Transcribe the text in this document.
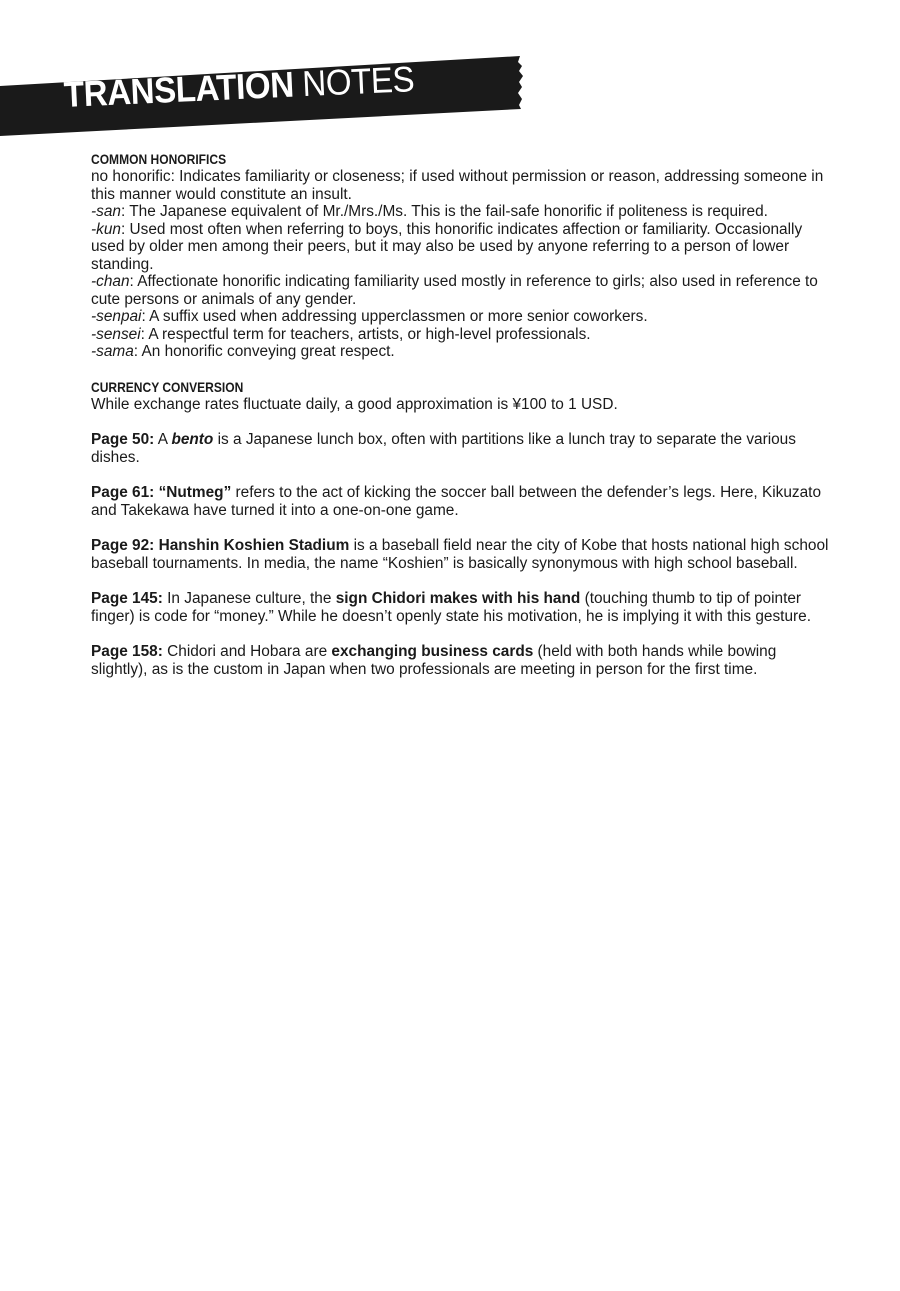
TRANSLATION NOTES
COMMON HONORIFICS

no honorific: Indicates familiarity or closeness; if used without permission or reason, addressing someone in this manner would constitute an insult.

-san: The Japanese equivalent of Mr./Mrs./Ms. This is the fail-safe honorific if politeness is required.

-kun: Used most often when referring to boys, this honorific indicates affection or familiarity. Occasionally used by older men among their peers, but it may also be used by anyone referring to a person of lower standing.

-chan: Affectionate honorific indicating familiarity used mostly in reference to girls; also used in reference to cute persons or animals of any gender.

-senpai: A suffix used when addressing upperclassmen or more senior coworkers.

-sensei: A respectful term for teachers, artists, or high-level professionals.

-sama: An honorific conveying great respect.

CURRENCY CONVERSION

While exchange rates fluctuate daily, a good approximation is ¥100 to 1 USD.

Page 50: A bento is a Japanese lunch box, often with partitions like a lunch tray to separate the various dishes.

Page 61: “Nutmeg” refers to the act of kicking the soccer ball between the defender’s legs. Here, Kikuzato and Takekawa have turned it into a one-on-one game.

Page 92: Hanshin Koshien Stadium is a baseball field near the city of Kobe that hosts national high school baseball tournaments. In media, the name “Koshien” is basically synonymous with high school baseball.

Page 145: In Japanese culture, the sign Chidori makes with his hand (touching thumb to tip of pointer finger) is code for “money.” While he doesn’t openly state his motivation, he is implying it with this gesture.

Page 158: Chidori and Hobara are exchanging business cards (held with both hands while bowing slightly), as is the custom in Japan when two professionals are meeting in person for the first time.
